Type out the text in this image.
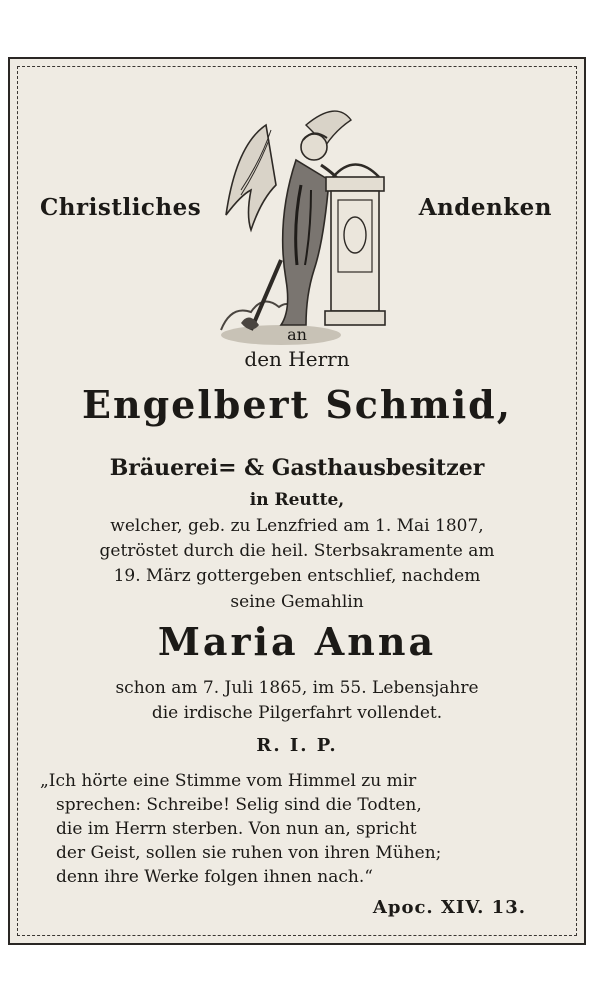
Christliches	Andenken
an
den Herrn
Engelbert Schmid,
Bräuerei= & Gasthausbesitzer
in Reutte,
welcher, geb. zu Lenzfried am 1. Mai 1807,
getröstet durch die heil. Sterbsakramente am
19. März gottergeben entschlief, nachdem
seine Gemahlin
Maria Anna
schon am 7. Juli 1865, im 55. Lebensjahre
die irdische Pilgerfahrt vollendet.
R. I. P.
„Ich hörte eine Stimme vom Himmel zu mir
sprechen: Schreibe! Selig sind die Todten,
die im Herrn sterben. Von nun an, spricht
der Geist, sollen sie ruhen von ihren Mühen;
denn ihre Werke folgen ihnen nach.“
Apoc. XIV. 13.
